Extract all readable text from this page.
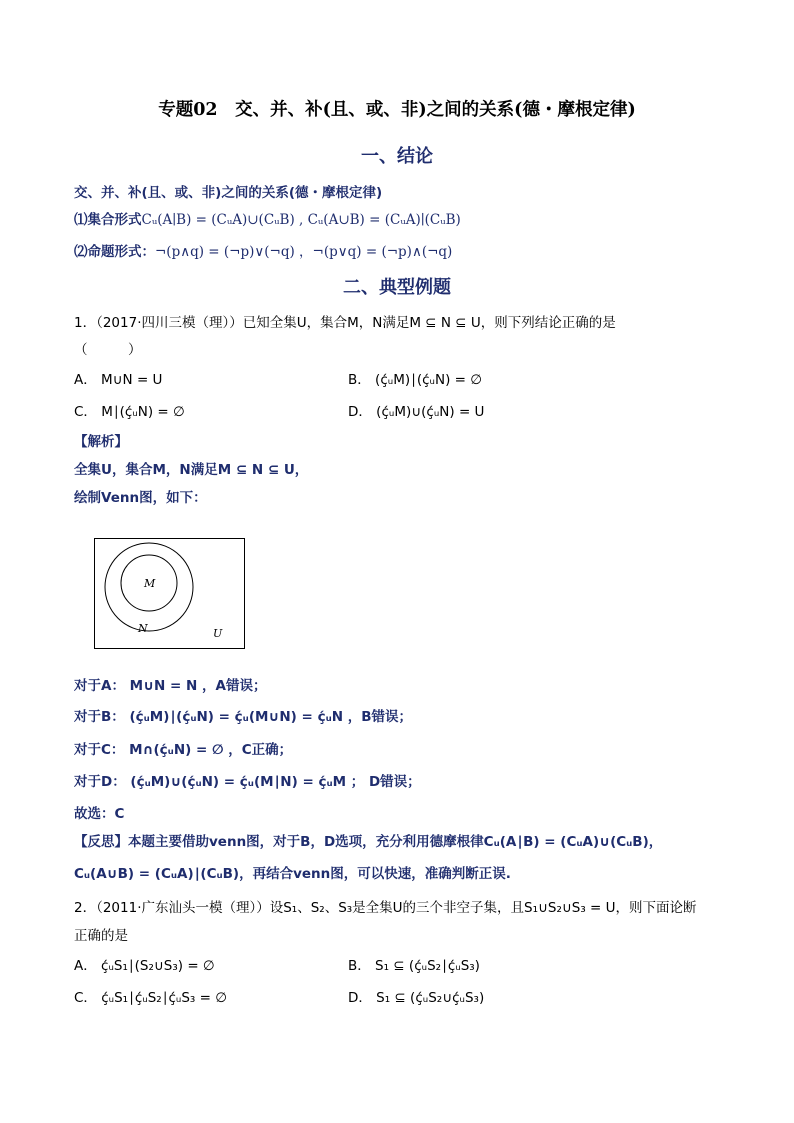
专题02　交、并、补(且、或、非)之间的关系(德・摩根定律)
一、结论
交、并、补(且、或、非)之间的关系(德・摩根定律)
⑴集合形式Cᵤ(A∣B) = (CᵤA)∪(CᵤB) , Cᵤ(A∪B) = (CᵤA)∣(CᵤB)
⑵命题形式：¬(p∧q) = (¬p)∨(¬q) ，¬(p∨q) = (¬p)∧(¬q)
二、典型例题
1．（2017·四川三模（理））已知全集U，集合M，N满足M ⊆ N ⊆ U，则下列结论正确的是
（　　　）
A． M∪N = U	B． (ḉᵤM)∣(ḉᵤN) = ∅
C． M∣(ḉᵤN) = ∅	D． (ḉᵤM)∪(ḉᵤN) = U
【解析】
全集U，集合M，N满足M ⊆ N ⊆ U，
绘制Venn图，如下：
M
N	U
对于A： M∪N = N ，A错误；
对于B： (ḉᵤM)∣(ḉᵤN) = ḉᵤ(M∪N) = ḉᵤN ，B错误；
对于C： M∩(ḉᵤN) = ∅ ，C正确；
对于D： (ḉᵤM)∪(ḉᵤN) = ḉᵤ(M∣N) = ḉᵤM ； D错误；
故选：C
【反思】本题主要借助venn图，对于B，D选项，充分利用德摩根律Cᵤ(A∣B) = (CᵤA)∪(CᵤB)，
Cᵤ(A∪B) = (CᵤA)∣(CᵤB)，再结合venn图，可以快速，准确判断正误.
2．（2011·广东汕头一模（理））设S₁、S₂、S₃是全集U的三个非空子集，且S₁∪S₂∪S₃ = U，则下面论断
正确的是
A． ḉᵤS₁∣(S₂∪S₃) = ∅	B． S₁ ⊆ (ḉᵤS₂∣ḉᵤS₃)
C． ḉᵤS₁∣ḉᵤS₂∣ḉᵤS₃ = ∅	D． S₁ ⊆ (ḉᵤS₂∪ḉᵤS₃)
